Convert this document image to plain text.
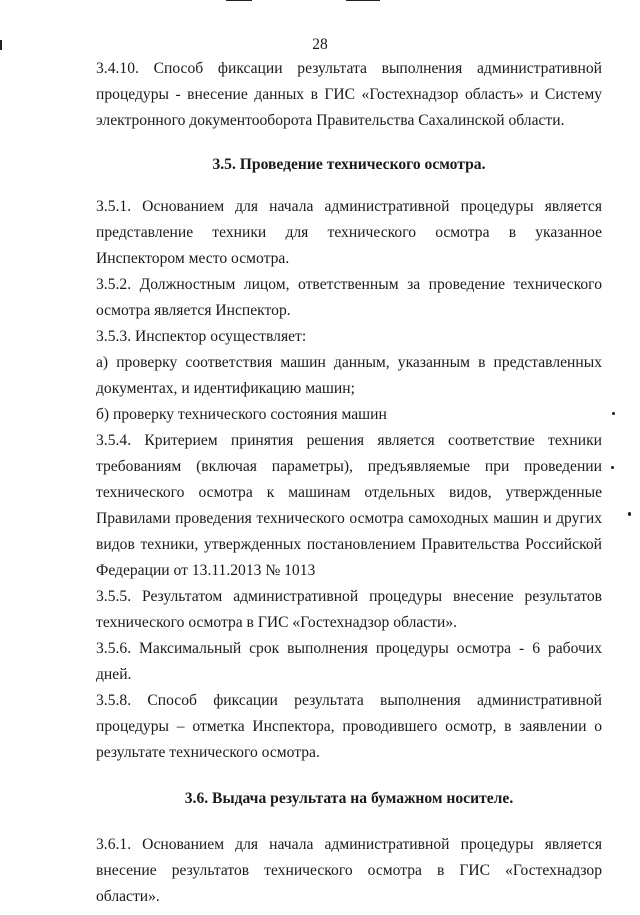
28

3.4.10. Способ фиксации результата выполнения административной процедуры - внесение данных в ГИС «Гостехнадзор область» и Систему электронного документооборота Правительства Сахалинской области.

3.5. Проведение технического осмотра.

3.5.1. Основанием для начала административной процедуры является представление техники для технического осмотра в указанное Инспектором место осмотра.

3.5.2. Должностным лицом, ответственным за проведение технического осмотра является Инспектор.

3.5.3. Инспектор осуществляет:

а) проверку соответствия машин данным, указанным в представленных документах, и идентификацию машин;

б) проверку технического состояния машин

3.5.4. Критерием принятия решения является соответствие техники требованиям (включая параметры), предъявляемые при проведении технического осмотра к машинам отдельных видов, утвержденные Правилами проведения технического осмотра самоходных машин и других видов техники, утвержденных постановлением Правительства Российской Федерации от 13.11.2013 № 1013

3.5.5. Результатом административной процедуры внесение результатов технического осмотра в ГИС «Гостехнадзор области».

3.5.6. Максимальный срок выполнения процедуры осмотра - 6 рабочих дней.

3.5.8. Способ фиксации результата выполнения административной процедуры – отметка Инспектора, проводившего осмотр, в заявлении о результате технического осмотра.

3.6. Выдача результата на бумажном носителе.

3.6.1. Основанием для начала административной процедуры является внесение результатов технического осмотра в ГИС «Гостехнадзор области».
